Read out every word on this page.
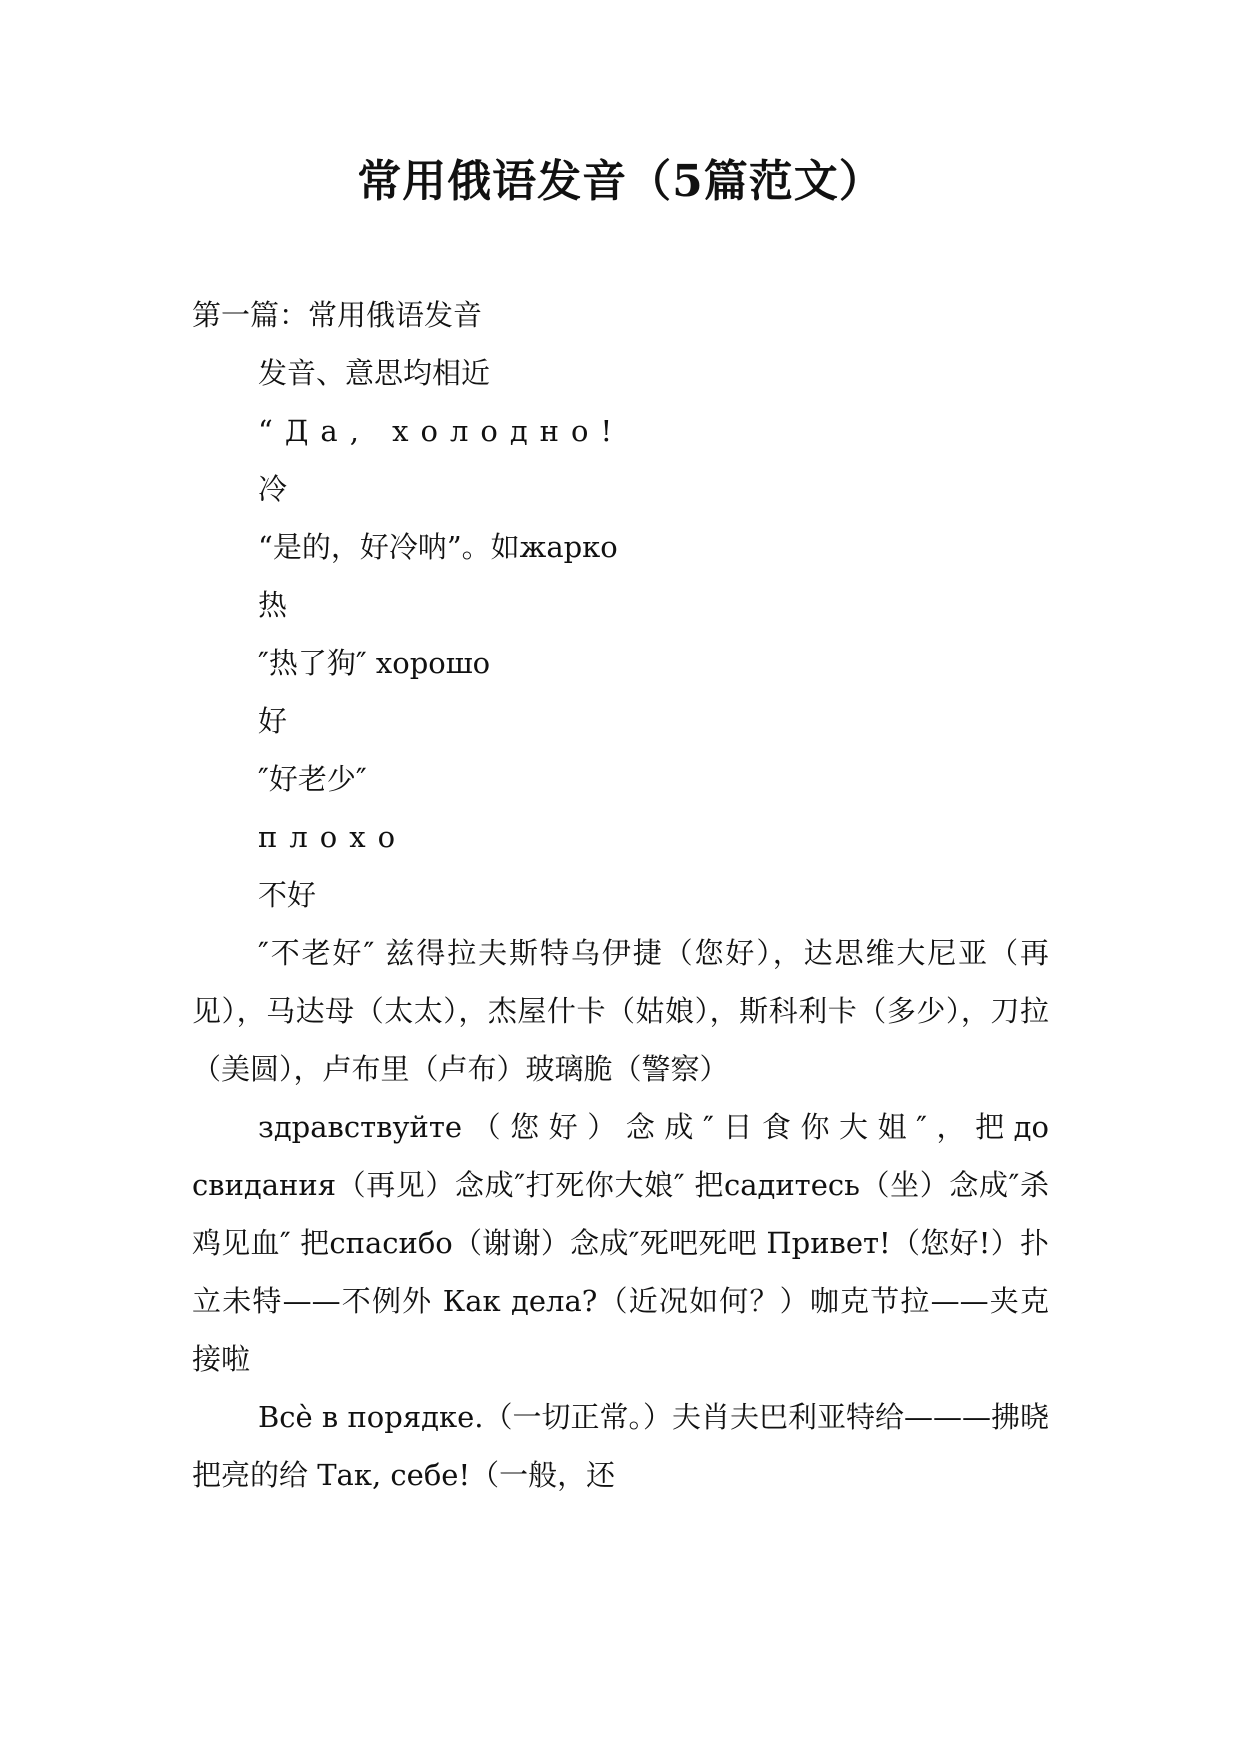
常用俄语发音（5篇范文）

第一篇：常用俄语发音

发音、意思均相近

“Да, холодно!

冷

“是的，好冷呐”。如жарко

热

″热了狗″ хорошо

好

″好老少″

плохо

不好

″不老好″ 兹得拉夫斯特乌伊捷（您好），达思维大尼亚（再见），马达母（太太），杰屋什卡（姑娘），斯科利卡（多少），刀拉（美圆），卢布里（卢布）玻璃脆（警察）

здравствуйте（您好）念成″日食你大姐″，把до свидания（再见）念成″打死你大娘″ 把садитесь（坐）念成″杀鸡见血″ 把спасибо（谢谢）念成″死吧死吧 Привет!（您好!）扑立未特——不例外 Как дела?（近况如何？）咖克节拉——夹克接啦

Всѐ в порядке.（一切正常。）夫肖夫巴利亚特给———拂晓把亮的给 Так, себе!（一般，还
